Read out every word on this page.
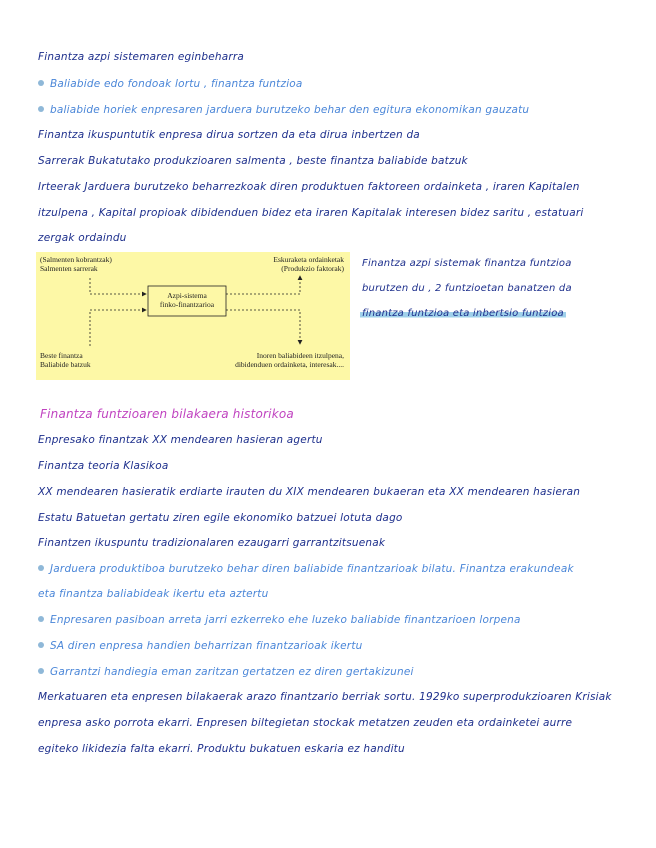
Finantza azpi sistemaren eginbeharra
Baliabide edo fondoak lortu , finantza funtzioa
baliabide horiek enpresaren jarduera burutzeko behar den egitura ekonomikan gauzatu
Finantza ikuspuntutik enpresa dirua sortzen da eta dirua inbertzen da
Sarrerak Bukatutako produkzioaren salmenta , beste finantza baliabide batzuk
Irteerak Jarduera burutzeko beharrezkoak diren produktuen faktoreen ordainketa , iraren Kapitalen
itzulpena , Kapital propioak dibidenduen bidez eta iraren Kapitalak interesen bidez saritu , estatuari
zergak ordaindu
(Salmenten kobrantzak)
Salmenten sarrerak
Eskuraketa ordainketak
(Produkzio faktorak)
Azpi-sistema
finko-finantzarioa
Beste finantza
Baliabide batzuk
Inoren baliabideen itzulpena,
dibidenduen ordainketa, interesak....
Finantza azpi sistemak finantza funtzioa
burutzen du , 2 funtzioetan banatzen da
finantza funtzioa eta inbertsio funtzioa
Finantza funtzioaren bilakaera historikoa
Enpresako finantzak XX mendearen hasieran agertu
Finantza teoria Klasikoa
XX mendearen hasieratik erdiarte irauten du XIX mendearen bukaeran eta XX mendearen hasieran
Estatu Batuetan gertatu ziren egile ekonomiko batzuei lotuta dago
Finantzen ikuspuntu tradizionalaren ezaugarri garrantzitsuenak
Jarduera produktiboa burutzeko behar diren baliabide finantzarioak bilatu. Finantza erakundeak
eta finantza baliabideak ikertu eta aztertu
Enpresaren pasiboan arreta jarri ezkerreko ehe luzeko baliabide finantzarioen lorpena
SA diren enpresa handien beharrizan finantzarioak ikertu
Garrantzi handiegia eman zaritzan gertatzen ez diren gertakizunei
Merkatuaren eta enpresen bilakaerak arazo finantzario berriak sortu. 1929ko superprodukzioaren Krisiak
enpresa asko porrota ekarri. Enpresen biltegietan stockak metatzen zeuden eta ordainketei aurre
egiteko likidezia falta ekarri. Produktu bukatuen eskaria ez handitu
